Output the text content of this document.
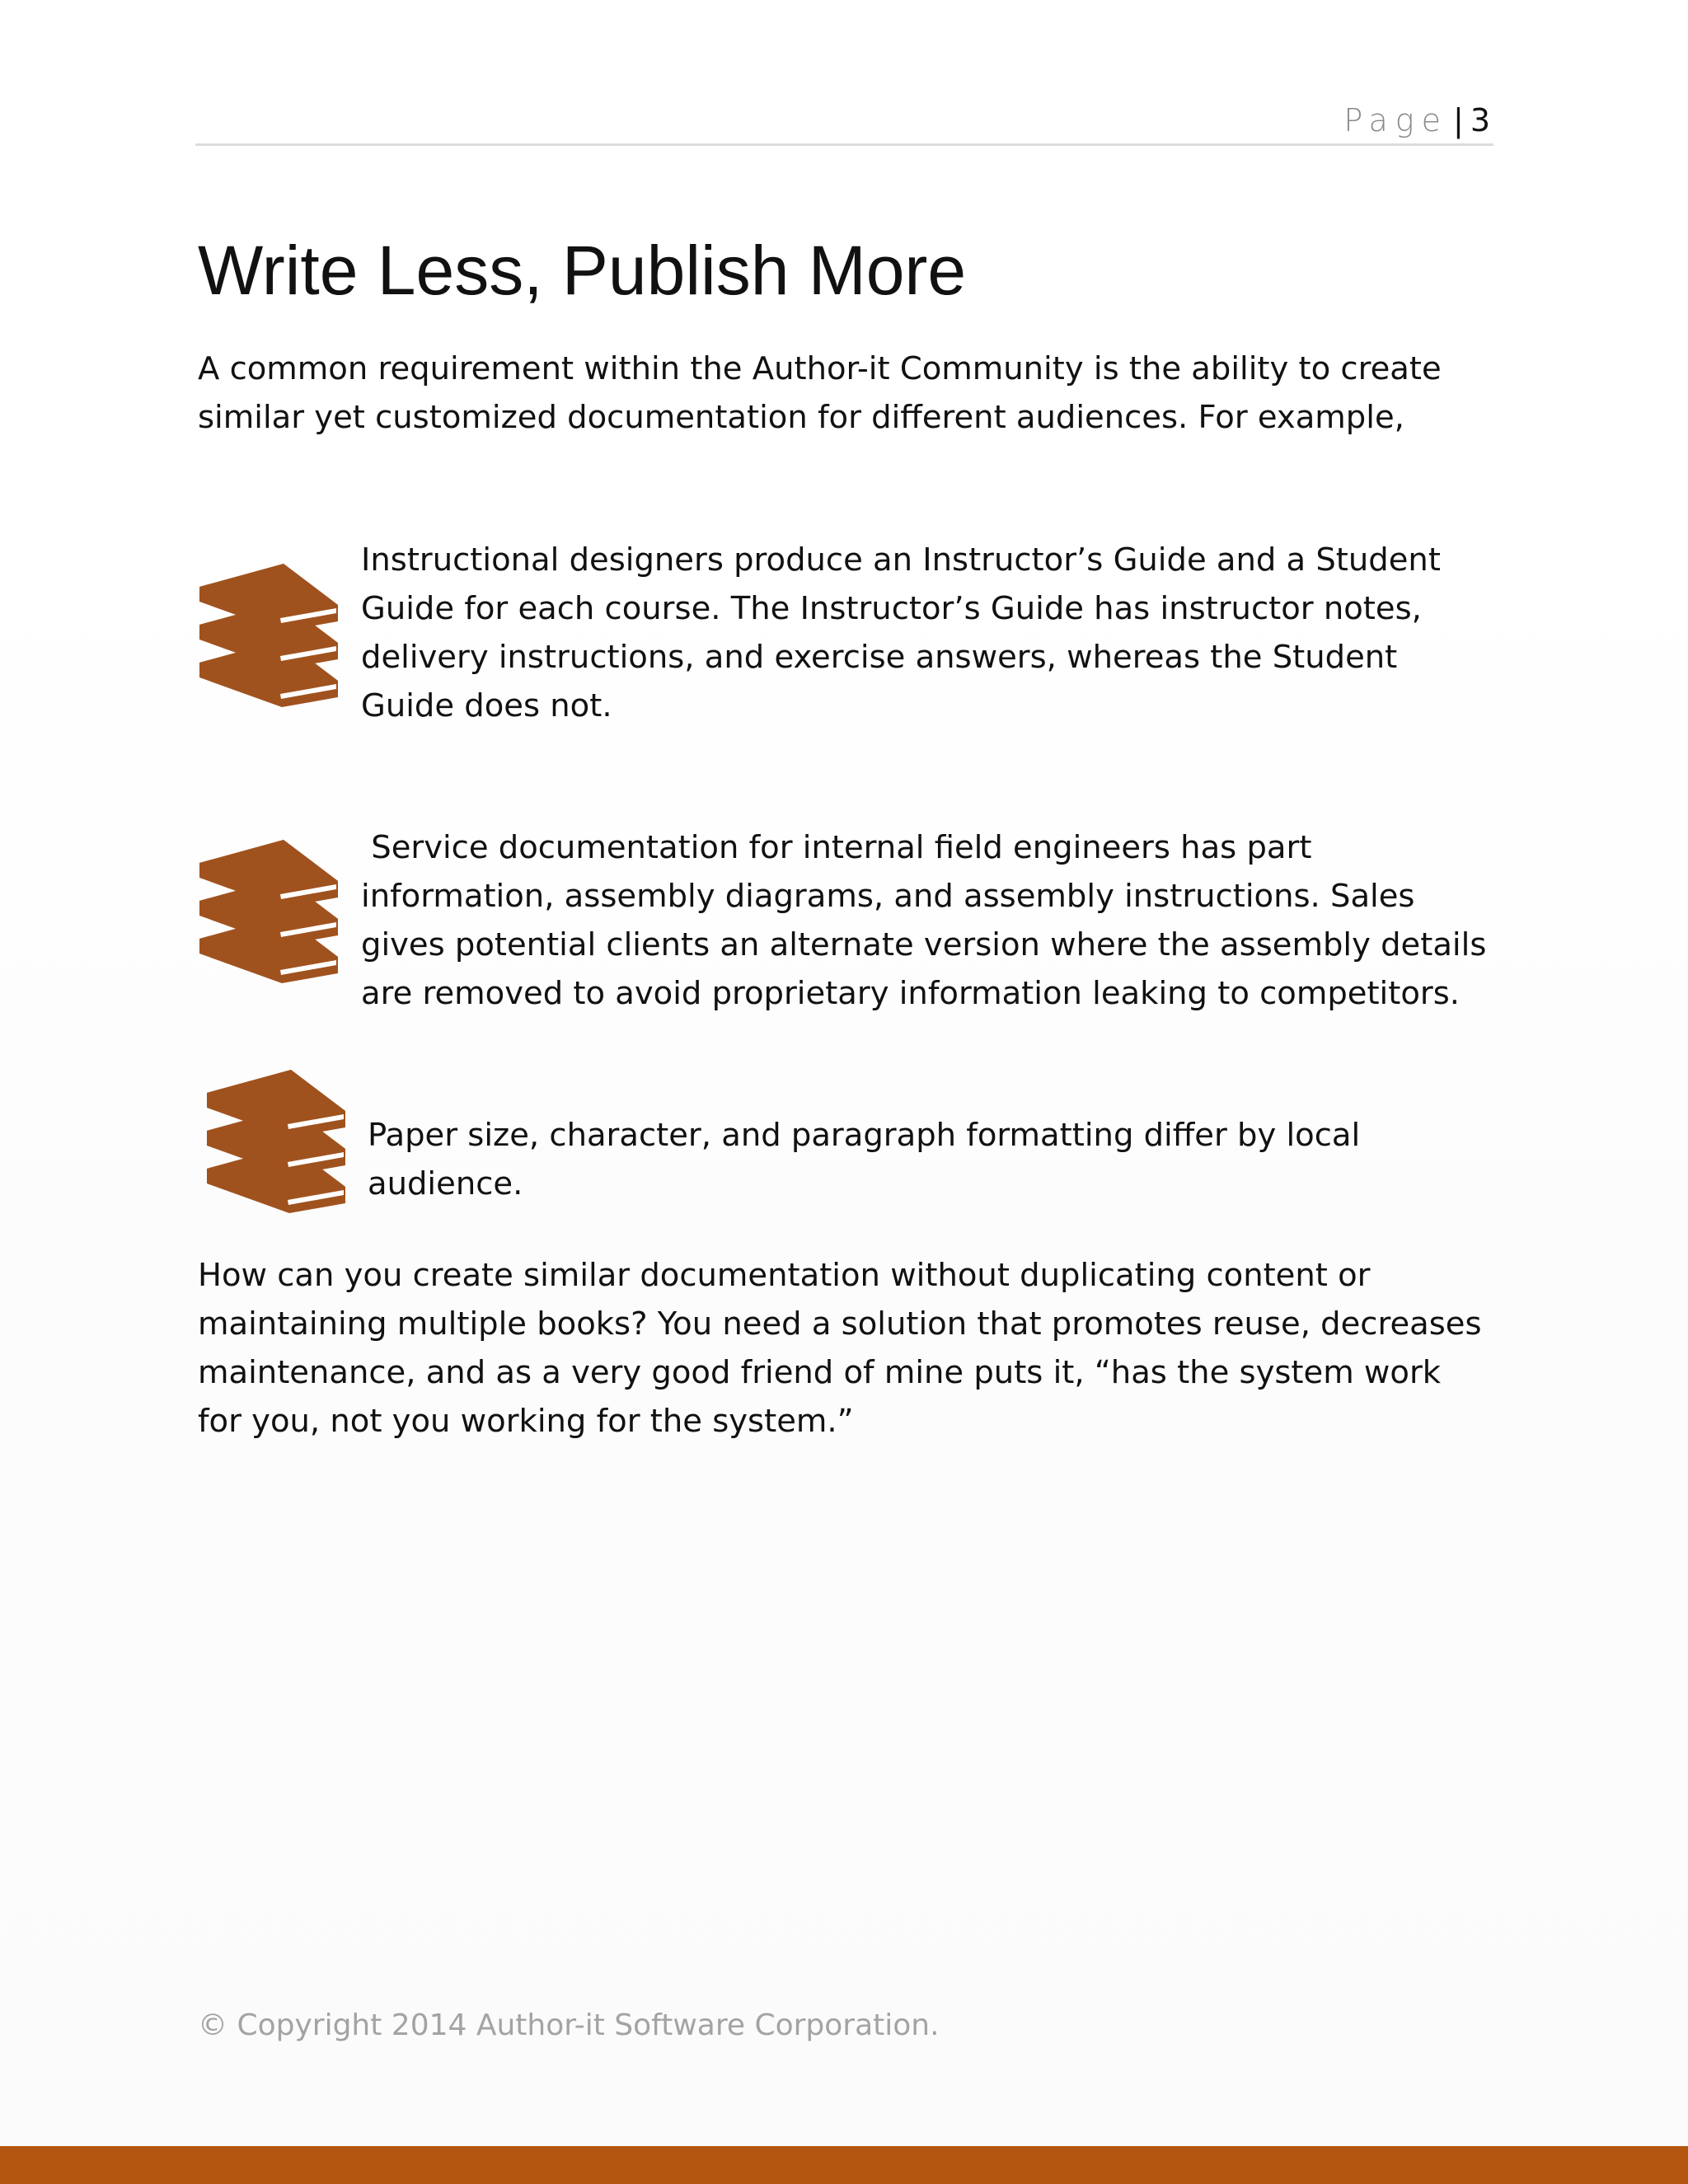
Page | 3
Write Less, Publish More

A common requirement within the Author-it Community is the ability to create similar yet customized documentation for different audiences. For example,

Instructional designers produce an Instructor’s Guide and a Student Guide for each course. The Instructor’s Guide has instructor notes, delivery instructions, and exercise answers, whereas the Student Guide does not.

Service documentation for internal field engineers has part information, assembly diagrams, and assembly instructions. Sales gives potential clients an alternate version where the assembly details are removed to avoid proprietary information leaking to competitors.

Paper size, character, and paragraph formatting differ by local audience.

How can you create similar documentation without duplicating content or maintaining multiple books? You need a solution that promotes reuse, decreases maintenance, and as a very good friend of mine puts it, “has the system work for you, not you working for the system.”

© Copyright 2014 Author-it Software Corporation.
